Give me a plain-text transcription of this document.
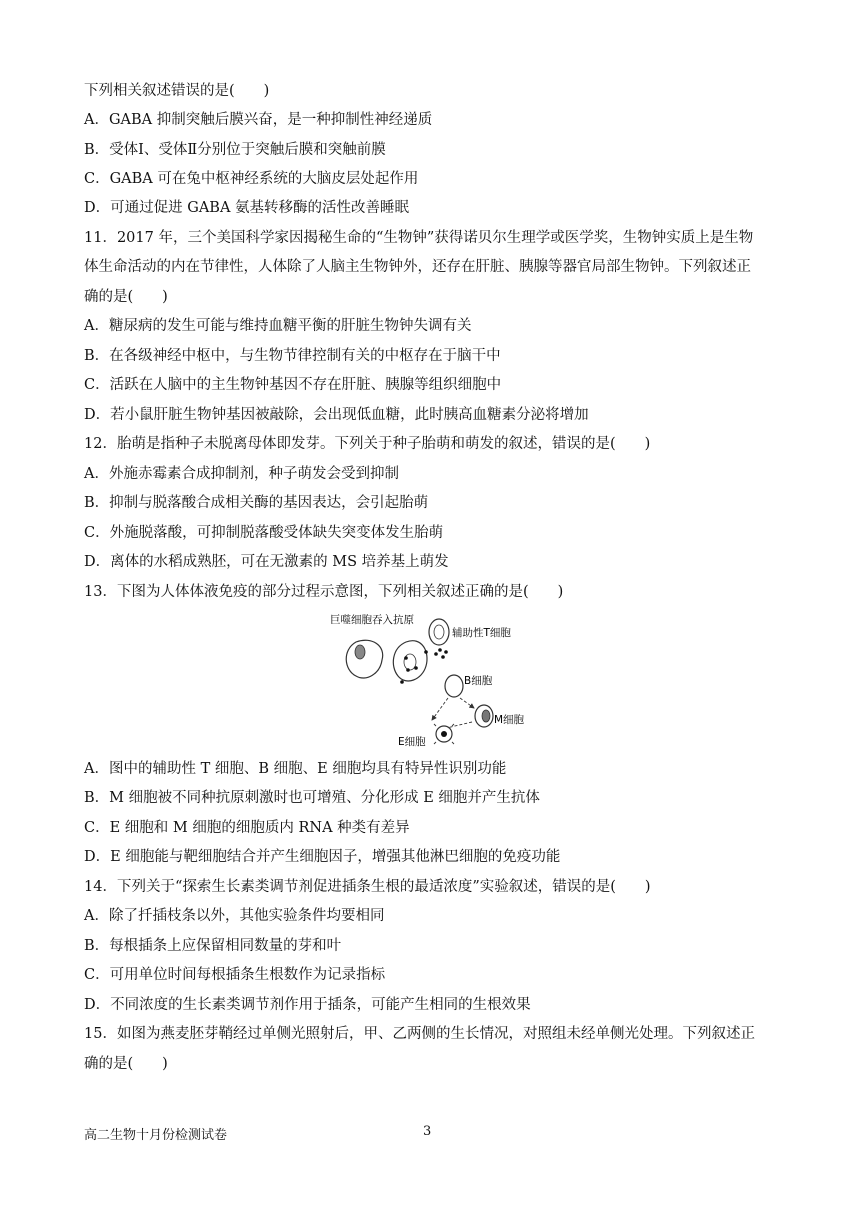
下列相关叙述错误的是(　　)
A．GABA 抑制突触后膜兴奋，是一种抑制性神经递质
B．受体Ⅰ、受体Ⅱ分别位于突触后膜和突触前膜
C．GABA 可在兔中枢神经系统的大脑皮层处起作用
D．可通过促进 GABA 氨基转移酶的活性改善睡眠
11．2017 年，三个美国科学家因揭秘生命的“生物钟”获得诺贝尔生理学或医学奖，生物钟实质上是生物
体生命活动的内在节律性，人体除了人脑主生物钟外，还存在肝脏、胰腺等器官局部生物钟。下列叙述正
确的是(　　)
A．糖尿病的发生可能与维持血糖平衡的肝脏生物钟失调有关
B．在各级神经中枢中，与生物节律控制有关的中枢存在于脑干中
C．活跃在人脑中的主生物钟基因不存在肝脏、胰腺等组织细胞中
D．若小鼠肝脏生物钟基因被敲除，会出现低血糖，此时胰高血糖素分泌将增加
12．胎萌是指种子未脱离母体即发芽。下列关于种子胎萌和萌发的叙述，错误的是(　　)
A．外施赤霉素合成抑制剂，种子萌发会受到抑制
B．抑制与脱落酸合成相关酶的基因表达，会引起胎萌
C．外施脱落酸，可抑制脱落酸受体缺失突变体发生胎萌
D．离体的水稻成熟胚，可在无激素的 MS 培养基上萌发
13．下图为人体体液免疫的部分过程示意图，下列相关叙述正确的是(　　)
巨噬细胞吞入抗原
辅助性T细胞
B细胞
M细胞
E细胞
A．图中的辅助性 T 细胞、B 细胞、E 细胞均具有特异性识别功能
B．M 细胞被不同种抗原刺激时也可增殖、分化形成 E 细胞并产生抗体
C．E 细胞和 M 细胞的细胞质内 RNA 种类有差异
D．E 细胞能与靶细胞结合并产生细胞因子，增强其他淋巴细胞的免疫功能
14．下列关于“探索生长素类调节剂促进插条生根的最适浓度”实验叙述，错误的是(　　)
A．除了扦插枝条以外，其他实验条件均要相同
B．每根插条上应保留相同数量的芽和叶
C．可用单位时间每根插条生根数作为记录指标
D．不同浓度的生长素类调节剂作用于插条，可能产生相同的生根效果
15．如图为燕麦胚芽鞘经过单侧光照射后，甲、乙两侧的生长情况，对照组未经单侧光处理。下列叙述正
确的是(　　)
高二生物十月份检测试卷	3
